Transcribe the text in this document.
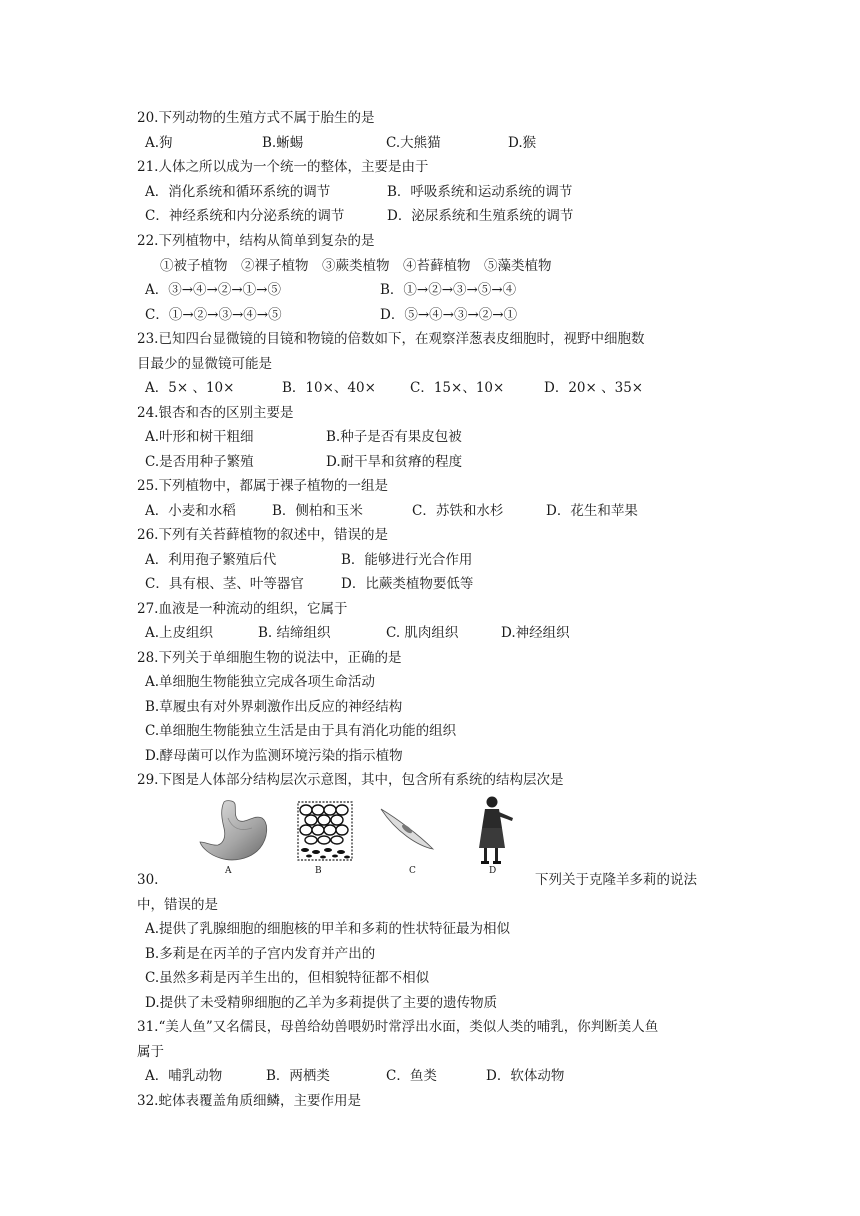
20.下列动物的生殖方式不属于胎生的是
A.狗	B.蜥蜴	C.大熊猫	D.猴
21.人体之所以成为一个统一的整体，主要是由于
A．消化系统和循环系统的调节	B．呼吸系统和运动系统的调节
C．神经系统和内分泌系统的调节	D．泌尿系统和生殖系统的调节
22.下列植物中，结构从简单到复杂的是
①被子植物　②裸子植物　③蕨类植物　④苔藓植物　⑤藻类植物
A．③→④→②→①→⑤	B．①→②→③→⑤→④
C．①→②→③→④→⑤	D．⑤→④→③→②→①
23.已知四台显微镜的目镜和物镜的倍数如下，在观察洋葱表皮细胞时，视野中细胞数
目最少的显微镜可能是
A．5× 、10×	B．10×、40×	C．15×、10×	D．20× 、35×
24.银杏和杏的区别主要是
A.叶形和树干粗细	B.种子是否有果皮包被
C.是否用种子繁殖	D.耐干旱和贫瘠的程度
25.下列植物中，都属于裸子植物的一组是
A．小麦和水稻	B．侧柏和玉米	C．苏铁和水杉	D．花生和苹果
26.下列有关苔藓植物的叙述中，错误的是
A．利用孢子繁殖后代	B．能够进行光合作用
C．具有根、茎、叶等器官	D．比蕨类植物要低等
27.血液是一种流动的组织，它属于
A.上皮组织	B. 结缔组织	C. 肌肉组织	D.神经组织
28.下列关于单细胞生物的说法中，正确的是
A.单细胞生物能独立完成各项生命活动
B.草履虫有对外界刺激作出反应的神经结构
C.单细胞生物能独立生活是由于具有消化功能的组织
D.酵母菌可以作为监测环境污染的指示植物
29.下图是人体部分结构层次示意图，其中，包含所有系统的结构层次是
A	B	C	D
30.	下列关于克隆羊多莉的说法
中，错误的是
A.提供了乳腺细胞的细胞核的甲羊和多莉的性状特征最为相似
B.多莉是在丙羊的子宫内发育并产出的
C.虽然多莉是丙羊生出的，但相貌特征都不相似
D.提供了未受精卵细胞的乙羊为多莉提供了主要的遗传物质
31.“美人鱼”又名儒艮，母兽给幼兽喂奶时常浮出水面，类似人类的哺乳，你判断美人鱼
属于
A．哺乳动物	B．两栖类	C．鱼类	D．软体动物
32.蛇体表覆盖角质细鳞，主要作用是
